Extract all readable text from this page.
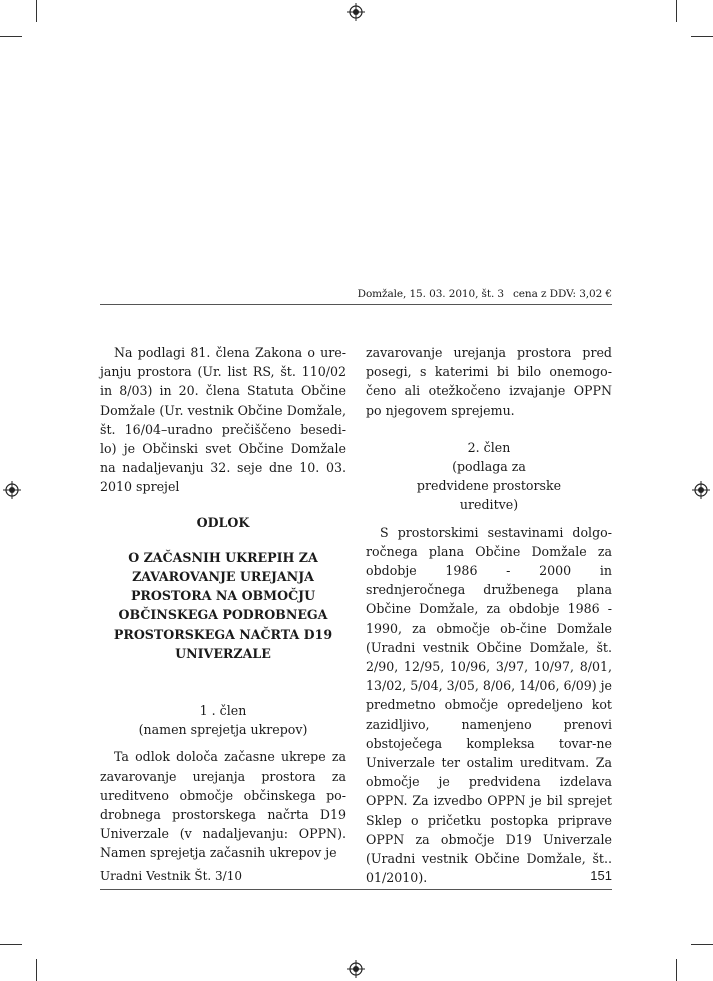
Domžale, 15. 03. 2010, št. 3 cena z DDV: 3,02 €

Na podlagi 81. člena Zakona o ure-janju prostora (Ur. list RS, št. 110/02 in 8/03) in 20. člena Statuta Občine Domžale (Ur. vestnik Občine Domžale, št. 16/04–uradno prečiščeno besedi-lo) je Občinski svet Občine Domžale na nadaljevanju 32. seje dne 10. 03. 2010 sprejel

ODLOK
O ZAČASNIH UKREPIH ZA ZAVAROVANJE UREJANJA PROSTORA NA OBMOČJU OBČINSKEGA PODROBNEGA PROSTORSKEGA NAČRTA D19 UNIVERZALE
1 . člen
(namen sprejetja ukrepov)

Ta odlok določa začasne ukrepe za zavarovanje urejanja prostora za ureditveno območje občinskega po-drobnega prostorskega načrta D19 Univerzale (v nadaljevanju: OPPN). Namen sprejetja začasnih ukrepov je

zavarovanje urejanja prostora pred posegi, s katerimi bi bilo onemogo-čeno ali otežkočeno izvajanje OPPN po njegovem sprejemu.

2. člen
(podlaga za predvidene prostorske ureditve)

S prostorskimi sestavinami dolgo-ročnega plana Občine Domžale za obdobje 1986 - 2000 in srednjeročnega družbenega plana Občine Domžale, za obdobje 1986 - 1990, za območje ob-čine Domžale (Uradni vestnik Občine Domžale, št. 2/90, 12/95, 10/96, 3/97, 10/97, 8/01, 13/02, 5/04, 3/05, 8/06, 14/06, 6/09) je predmetno območje opredeljeno kot zazidljivo, namenjeno prenovi obstoječega kompleksa tovar-ne Univerzale ter ostalim ureditvam. Za območje je predvidena izdelava OPPN. Za izvedbo OPPN je bil sprejet Sklep o pričetku postopka priprave OPPN za območje D19 Univerzale (Uradni vestnik Občine Domžale, št.. 01/2010).

Uradni Vestnik Št. 3/10	151
